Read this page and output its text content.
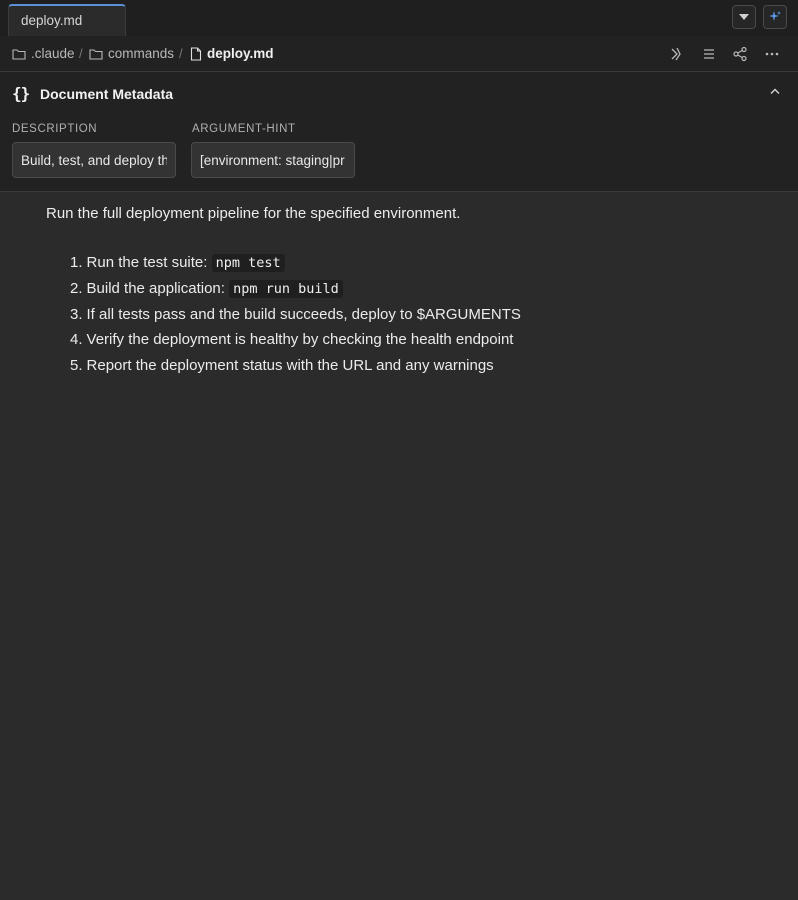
deploy.md
.claude / commands / deploy.md
{} Document Metadata
DESCRIPTION
Build, test, and deploy th	ARGUMENT-HINT
[environment: staging|pr
Run the full deployment pipeline for the specified environment.
1. Run the test suite: npm test
2. Build the application: npm run build
3. If all tests pass and the build succeeds, deploy to $ARGUMENTS
4. Verify the deployment is healthy by checking the health endpoint
5. Report the deployment status with the URL and any warnings
